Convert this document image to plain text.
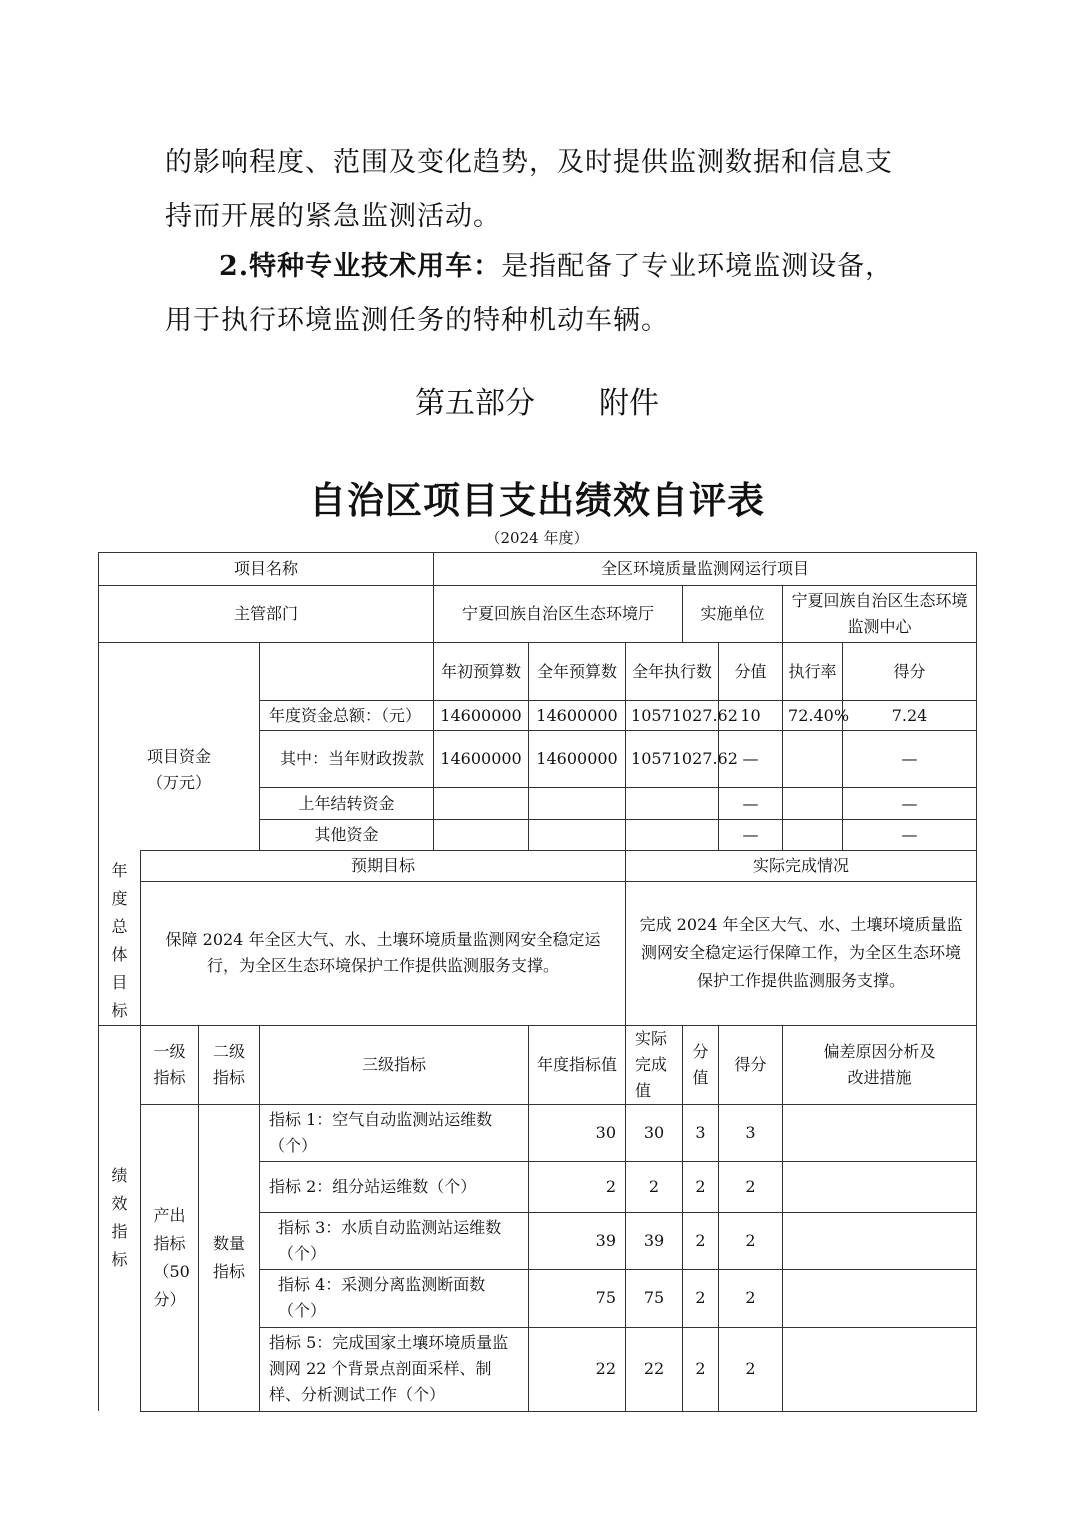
的影响程度、范围及变化趋势，及时提供监测数据和信息支
持而开展的紧急监测活动。
2.特种专业技术用车：是指配备了专业环境监测设备，
用于执行环境监测任务的特种机动车辆。
第五部分 附件
自治区项目支出绩效自评表
（2024 年度）
项目名称				全区环境质量监测网运行项目						
主管部门				宁夏回族自治区生态环境厅			实施单位		宁夏回族自治区生态环境监测中心	

项目资金（万元）				年初预算数	全年预算数	全年执行数		分值	执行率	得分
			年度资金总额：（元）	14600000	14600000	10571027.62		10	72.40%	7.24
			其中：当年财政拨款	14600000	14600000	10571027.62		—		—
			上年结转资金					—		—
			其他资金					—		—

年度总体目标	预期目标					实际完成情况				
	保障 2024 年全区大气、水、土壤环境质量监测网安全稳定运行，为全区生态环境保护工作提供监测服务支撑。					完成 2024 年全区大气、水、土壤环境质量监测网安全稳定运行保障工作，为全区生态环境保护工作提供监测服务支撑。				

绩效指标	一级指标	二级指标	三级指标		年度指标值	实际完成值	分值	得分	偏差原因分析及改进措施	

	产出指标（50分）	数量指标	指标 1：空气自动监测站运维数（个）		30	30	3	3		
			指标 2：组分站运维数（个）		2	2	2	2		
			指标 3：水质自动监测站运维数（个）		39	39	2	2		
			指标 4：采测分离监测断面数（个）		75	75	2	2		
			指标 5：完成国家土壤环境质量监测网 22 个背景点剖面采样、制样、分析测试工作（个）		22	22	2	2		
